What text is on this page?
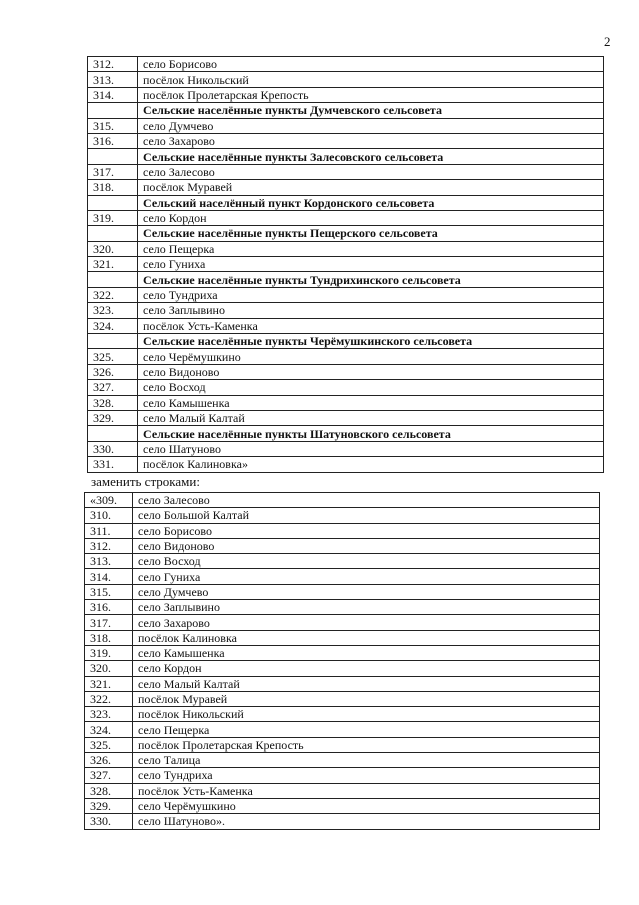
2
312.	село Борисово
313.	посёлок Никольский
314.	посёлок Пролетарская Крепость
	Сельские населённые пункты Думчевского сельсовета
315.	село Думчево
316.	село Захарово
	Сельские населённые пункты Залесовского сельсовета
317.	село Залесово
318.	посёлок Муравей
	Сельский населённый пункт Кордонского сельсовета
319.	село Кордон
	Сельские населённые пункты Пещерского сельсовета
320.	село Пещерка
321.	село Гуниха
	Сельские населённые пункты Тундрихинского сельсовета
322.	село Тундриха
323.	село Заплывино
324.	посёлок Усть-Каменка
	Сельские населённые пункты Черёмушкинского сельсовета
325.	село Черёмушкино
326.	село Видоново
327.	село Восход
328.	село Камышенка
329.	село Малый Калтай
	Сельские населённые пункты Шатуновского сельсовета
330.	село Шатуново
331.	посёлок Калиновка»
заменить строками:
«309.	село Залесово
310.	село Большой Калтай
311.	село Борисово
312.	село Видоново
313.	село Восход
314.	село Гуниха
315.	село Думчево
316.	село Заплывино
317.	село Захарово
318.	посёлок Калиновка
319.	село Камышенка
320.	село Кордон
321.	село Малый Калтай
322.	посёлок Муравей
323.	посёлок Никольский
324.	село Пещерка
325.	посёлок Пролетарская Крепость
326.	село Талица
327.	село Тундриха
328.	посёлок Усть-Каменка
329.	село Черёмушкино
330.	село Шатуново».
